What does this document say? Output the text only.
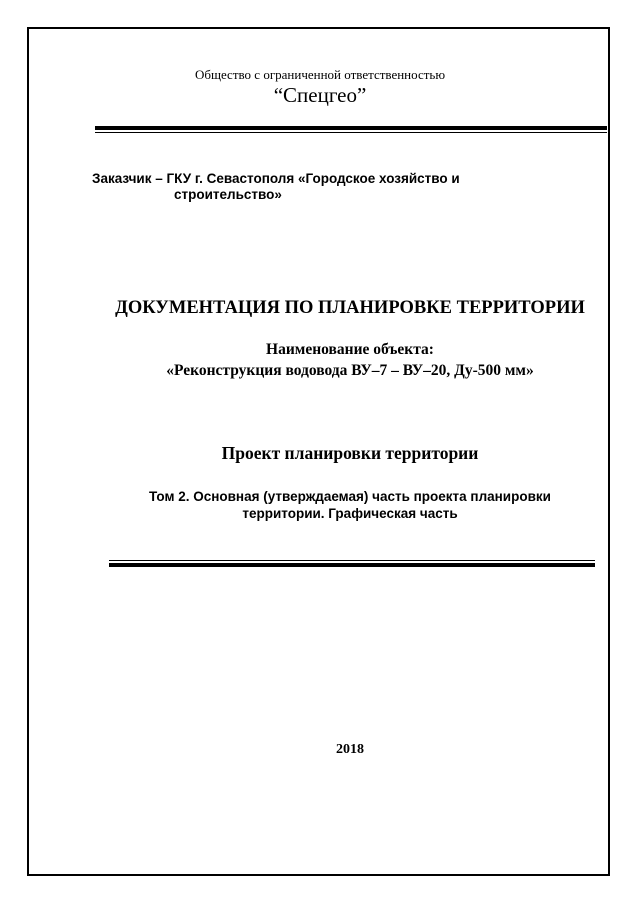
Общество с ограниченной ответственностью
“Спецгео”
Заказчик – ГКУ г. Севастополя «Городское хозяйство и
строительство»
ДОКУМЕНТАЦИЯ ПО ПЛАНИРОВКЕ ТЕРРИТОРИИ
Наименование объекта:
«Реконструкция водовода ВУ–7 – ВУ–20, Ду-500 мм»
Проект планировки территории
Том 2. Основная (утверждаемая) часть проекта планировки
территории. Графическая часть
2018
